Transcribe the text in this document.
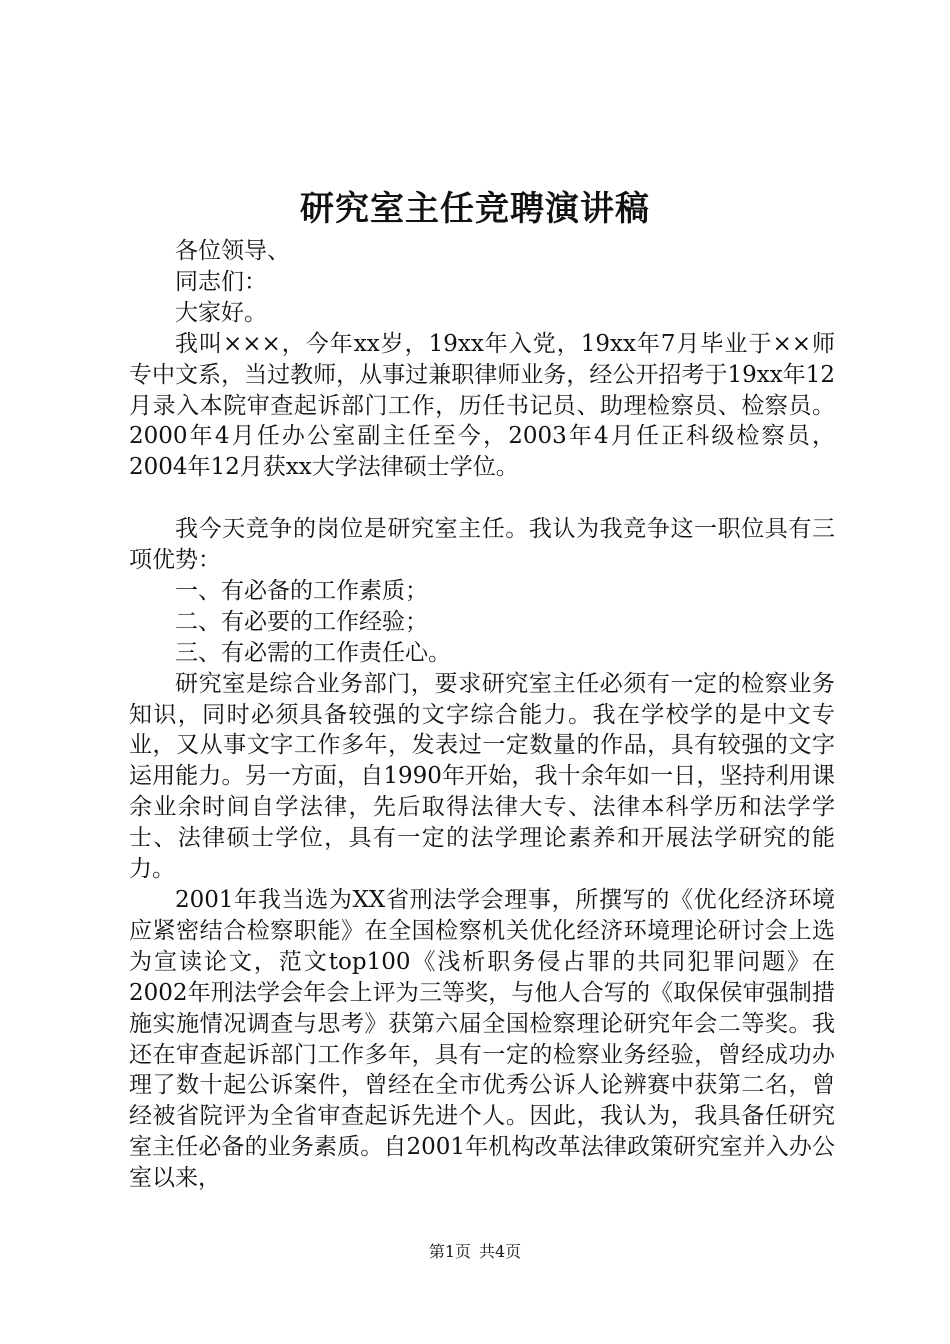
研究室主任竞聘演讲稿

各位领导、

同志们：

大家好。

我叫×××，今年xx岁，19xx年入党，19xx年7月毕业于××师专中文系，当过教师，从事过兼职律师业务，经公开招考于19xx年12月录入本院审查起诉部门工作，历任书记员、助理检察员、检察员。2000年4月任办公室副主任至今，2003年4月任正科级检察员，2004年12月获xx大学法律硕士学位。

我今天竞争的岗位是研究室主任。我认为我竞争这一职位具有三项优势：

一、有必备的工作素质；

二、有必要的工作经验；

三、有必需的工作责任心。

研究室是综合业务部门，要求研究室主任必须有一定的检察业务知识，同时必须具备较强的文字综合能力。我在学校学的是中文专业，又从事文字工作多年，发表过一定数量的作品，具有较强的文字运用能力。另一方面，自1990年开始，我十余年如一日，坚持利用课余业余时间自学法律，先后取得法律大专、法律本科学历和法学学士、法律硕士学位，具有一定的法学理论素养和开展法学研究的能力。

2001年我当选为XX省刑法学会理事，所撰写的《优化经济环境应紧密结合检察职能》在全国检察机关优化经济环境理论研讨会上选为宣读论文，范文top100《浅析职务侵占罪的共同犯罪问题》在2002年刑法学会年会上评为三等奖，与他人合写的《取保侯审强制措施实施情况调查与思考》获第六届全国检察理论研究年会二等奖。我还在审查起诉部门工作多年，具有一定的检察业务经验，曾经成功办理了数十起公诉案件，曾经在全市优秀公诉人论辨赛中获第二名，曾经被省院评为全省审查起诉先进个人。因此，我认为，我具备任研究室主任必备的业务素质。自2001年机构改革法律政策研究室并入办公室以来，

第1页 共4页
